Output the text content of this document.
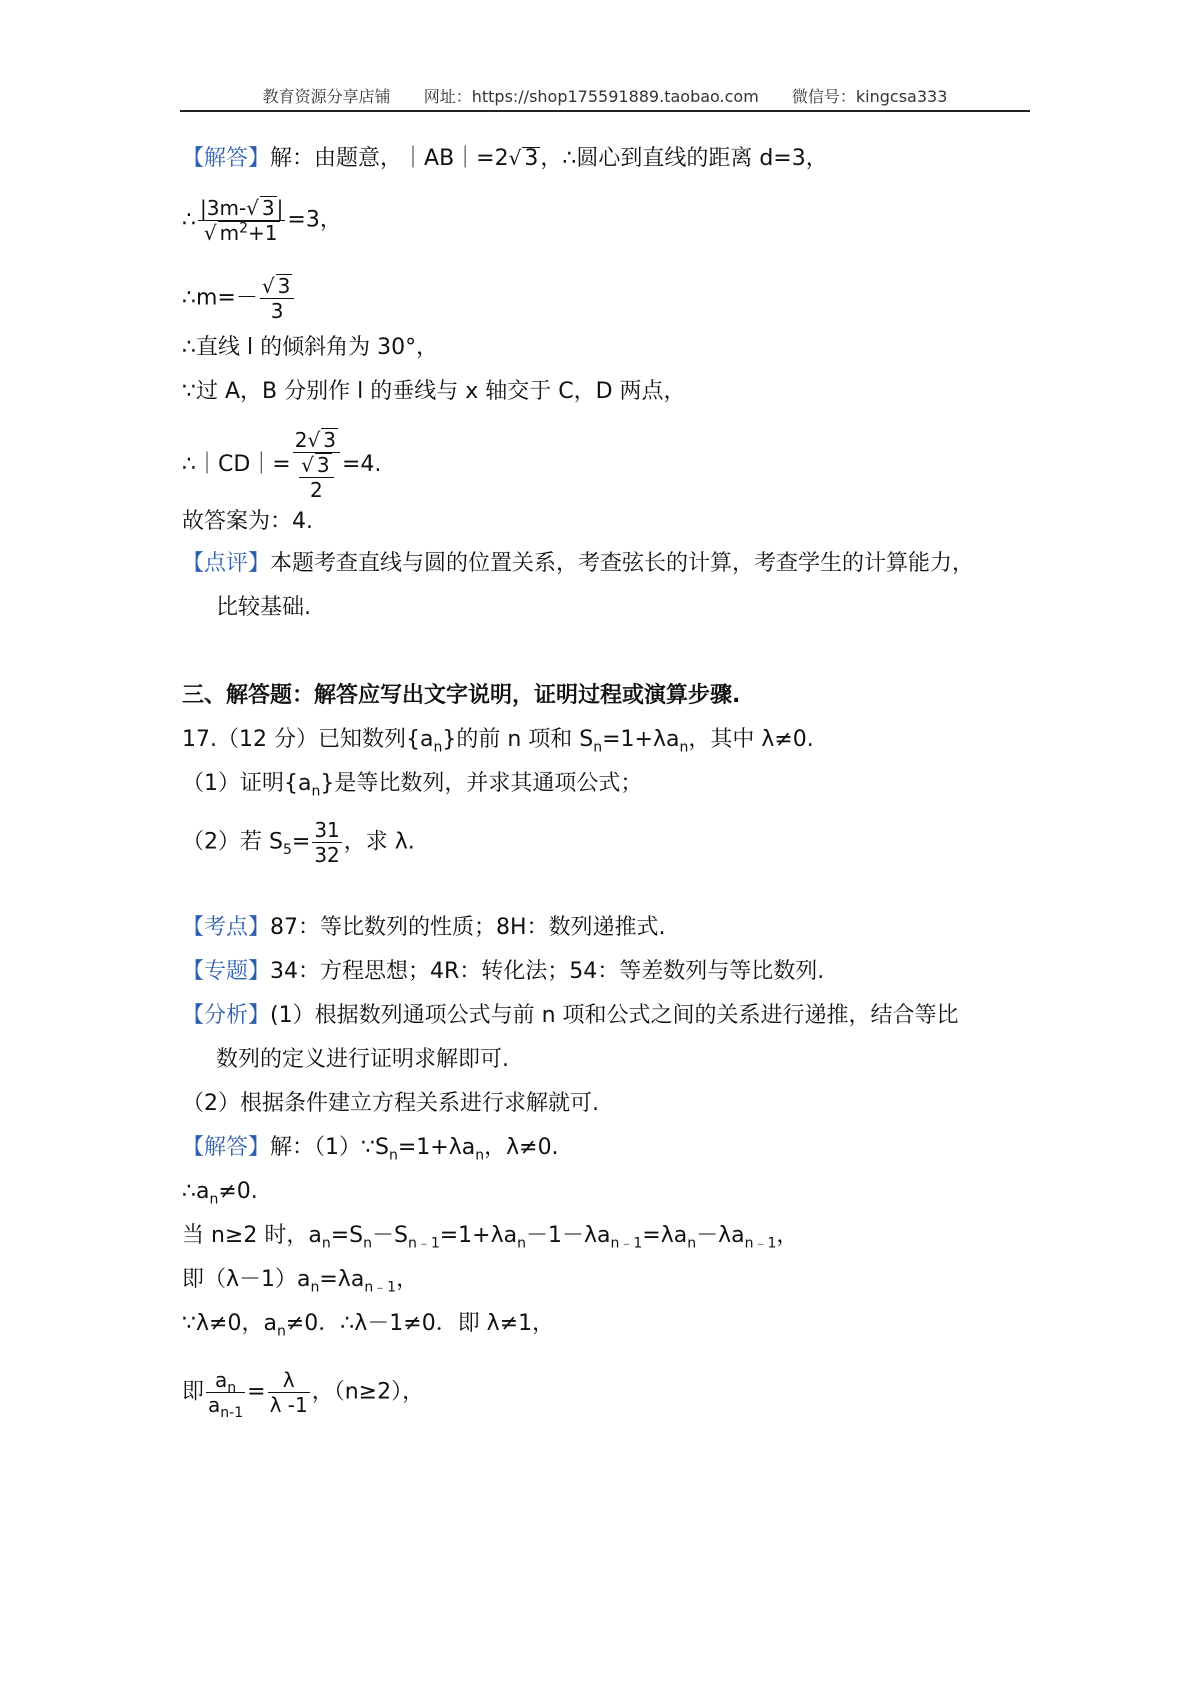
教育资源分享店铺 网址：https://shop175591889.taobao.com 微信号：kingcsa333
【解答】解：由题意，｜AB｜=2√ 3，∴圆心到直线的距离 d=3，
∴ $\frac{|3m-√ 3 |}{√ m^2+1} =3$，
∴m=－ $\frac{√ 3}{3}$
∴直线 l 的倾斜角为 30°，
∵过 A，B 分别作 l 的垂线与 x 轴交于 C，D 两点，
∴｜CD｜= $\frac{2√ 3}{\frac{√ 3}{2}} =4$.
故答案为：4.
【点评】本题考查直线与圆的位置关系，考查弦长的计算，考查学生的计算能力，
比较基础.
三、解答题：解答应写出文字说明，证明过程或演算步骤.
17.（12 分）已知数列$\{a_n\}$的前 n 项和 $S_n=1+\lambda a_n$，其中 λ≠0.
（1）证明$\{a_n\}$是等比数列，并求其通项公式；
（2）若 $S_5= \frac{31}{32}$ ，求 λ.
【考点】87：等比数列的性质；8H：数列递推式.
【专题】34：方程思想；4R：转化法；54：等差数列与等比数列.
【分析】(1）根据数列通项公式与前 n 项和公式之间的关系进行递推，结合等比
数列的定义进行证明求解即可.
（2）根据条件建立方程关系进行求解就可.
【解答】解：$(1)\because S_n=1+\lambda a_n$，λ≠0.
$\therefore a_n\ne 0$.
当 n≥2 时，$a_n=S_n-S_{n﹣1}=1+\lambda a_n-1-\lambda a_{n﹣1}=\lambda a_n-\lambda a_{n﹣1}$，
即$(\lambda-1)a_n=\lambda a_{n﹣1}$，
∵λ≠0，$a_n\ne 0$．∴λ－1≠0．即 λ≠1，
即 $\frac{a_n}{a_{n-1}} = \frac{\lambda}{\lambda -1}$ ，（n≥2），
